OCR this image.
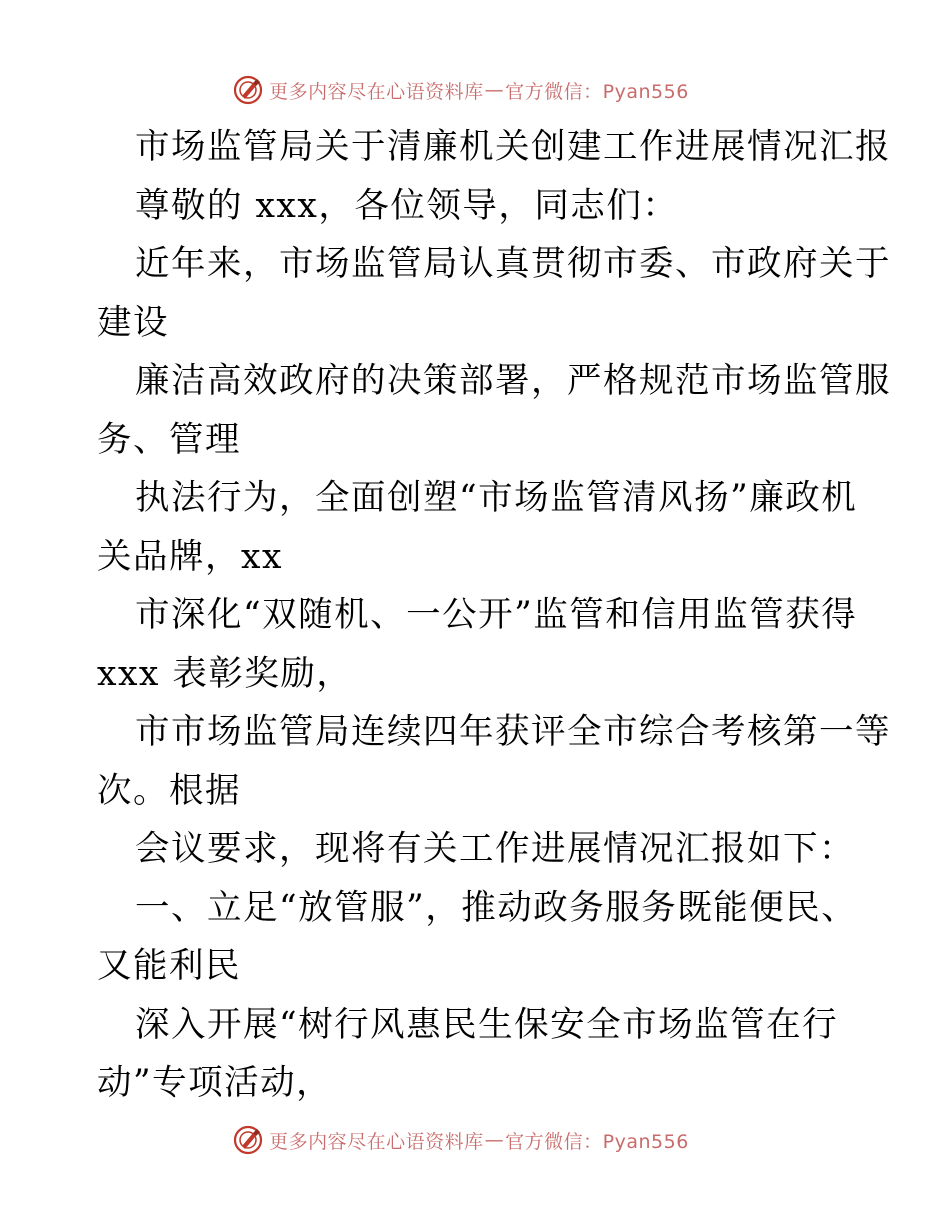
更多内容尽在心语资料库 — 官方微信：Pyan556
市场监管局关于清廉机关创建工作进展情况汇报
尊敬的 xxx，各位领导，同志们：
近年来，市场监管局认真贯彻市委、市政府关于
建设
廉洁高效政府的决策部署，严格规范市场监管服
务、管理
执法行为，全面创塑“市场监管清风扬”廉政机
关品牌，xx
市深化“双随机、一公开”监管和信用监管获得
xxx 表彰奖励，
市市场监管局连续四年获评全市综合考核第一等
次。根据
会议要求，现将有关工作进展情况汇报如下：
一、立足“放管服”，推动政务服务既能便民、
又能利民
深入开展“树行风惠民生保安全市场监管在行
动”专项活动，
更多内容尽在心语资料库 — 官方微信：Pyan556
